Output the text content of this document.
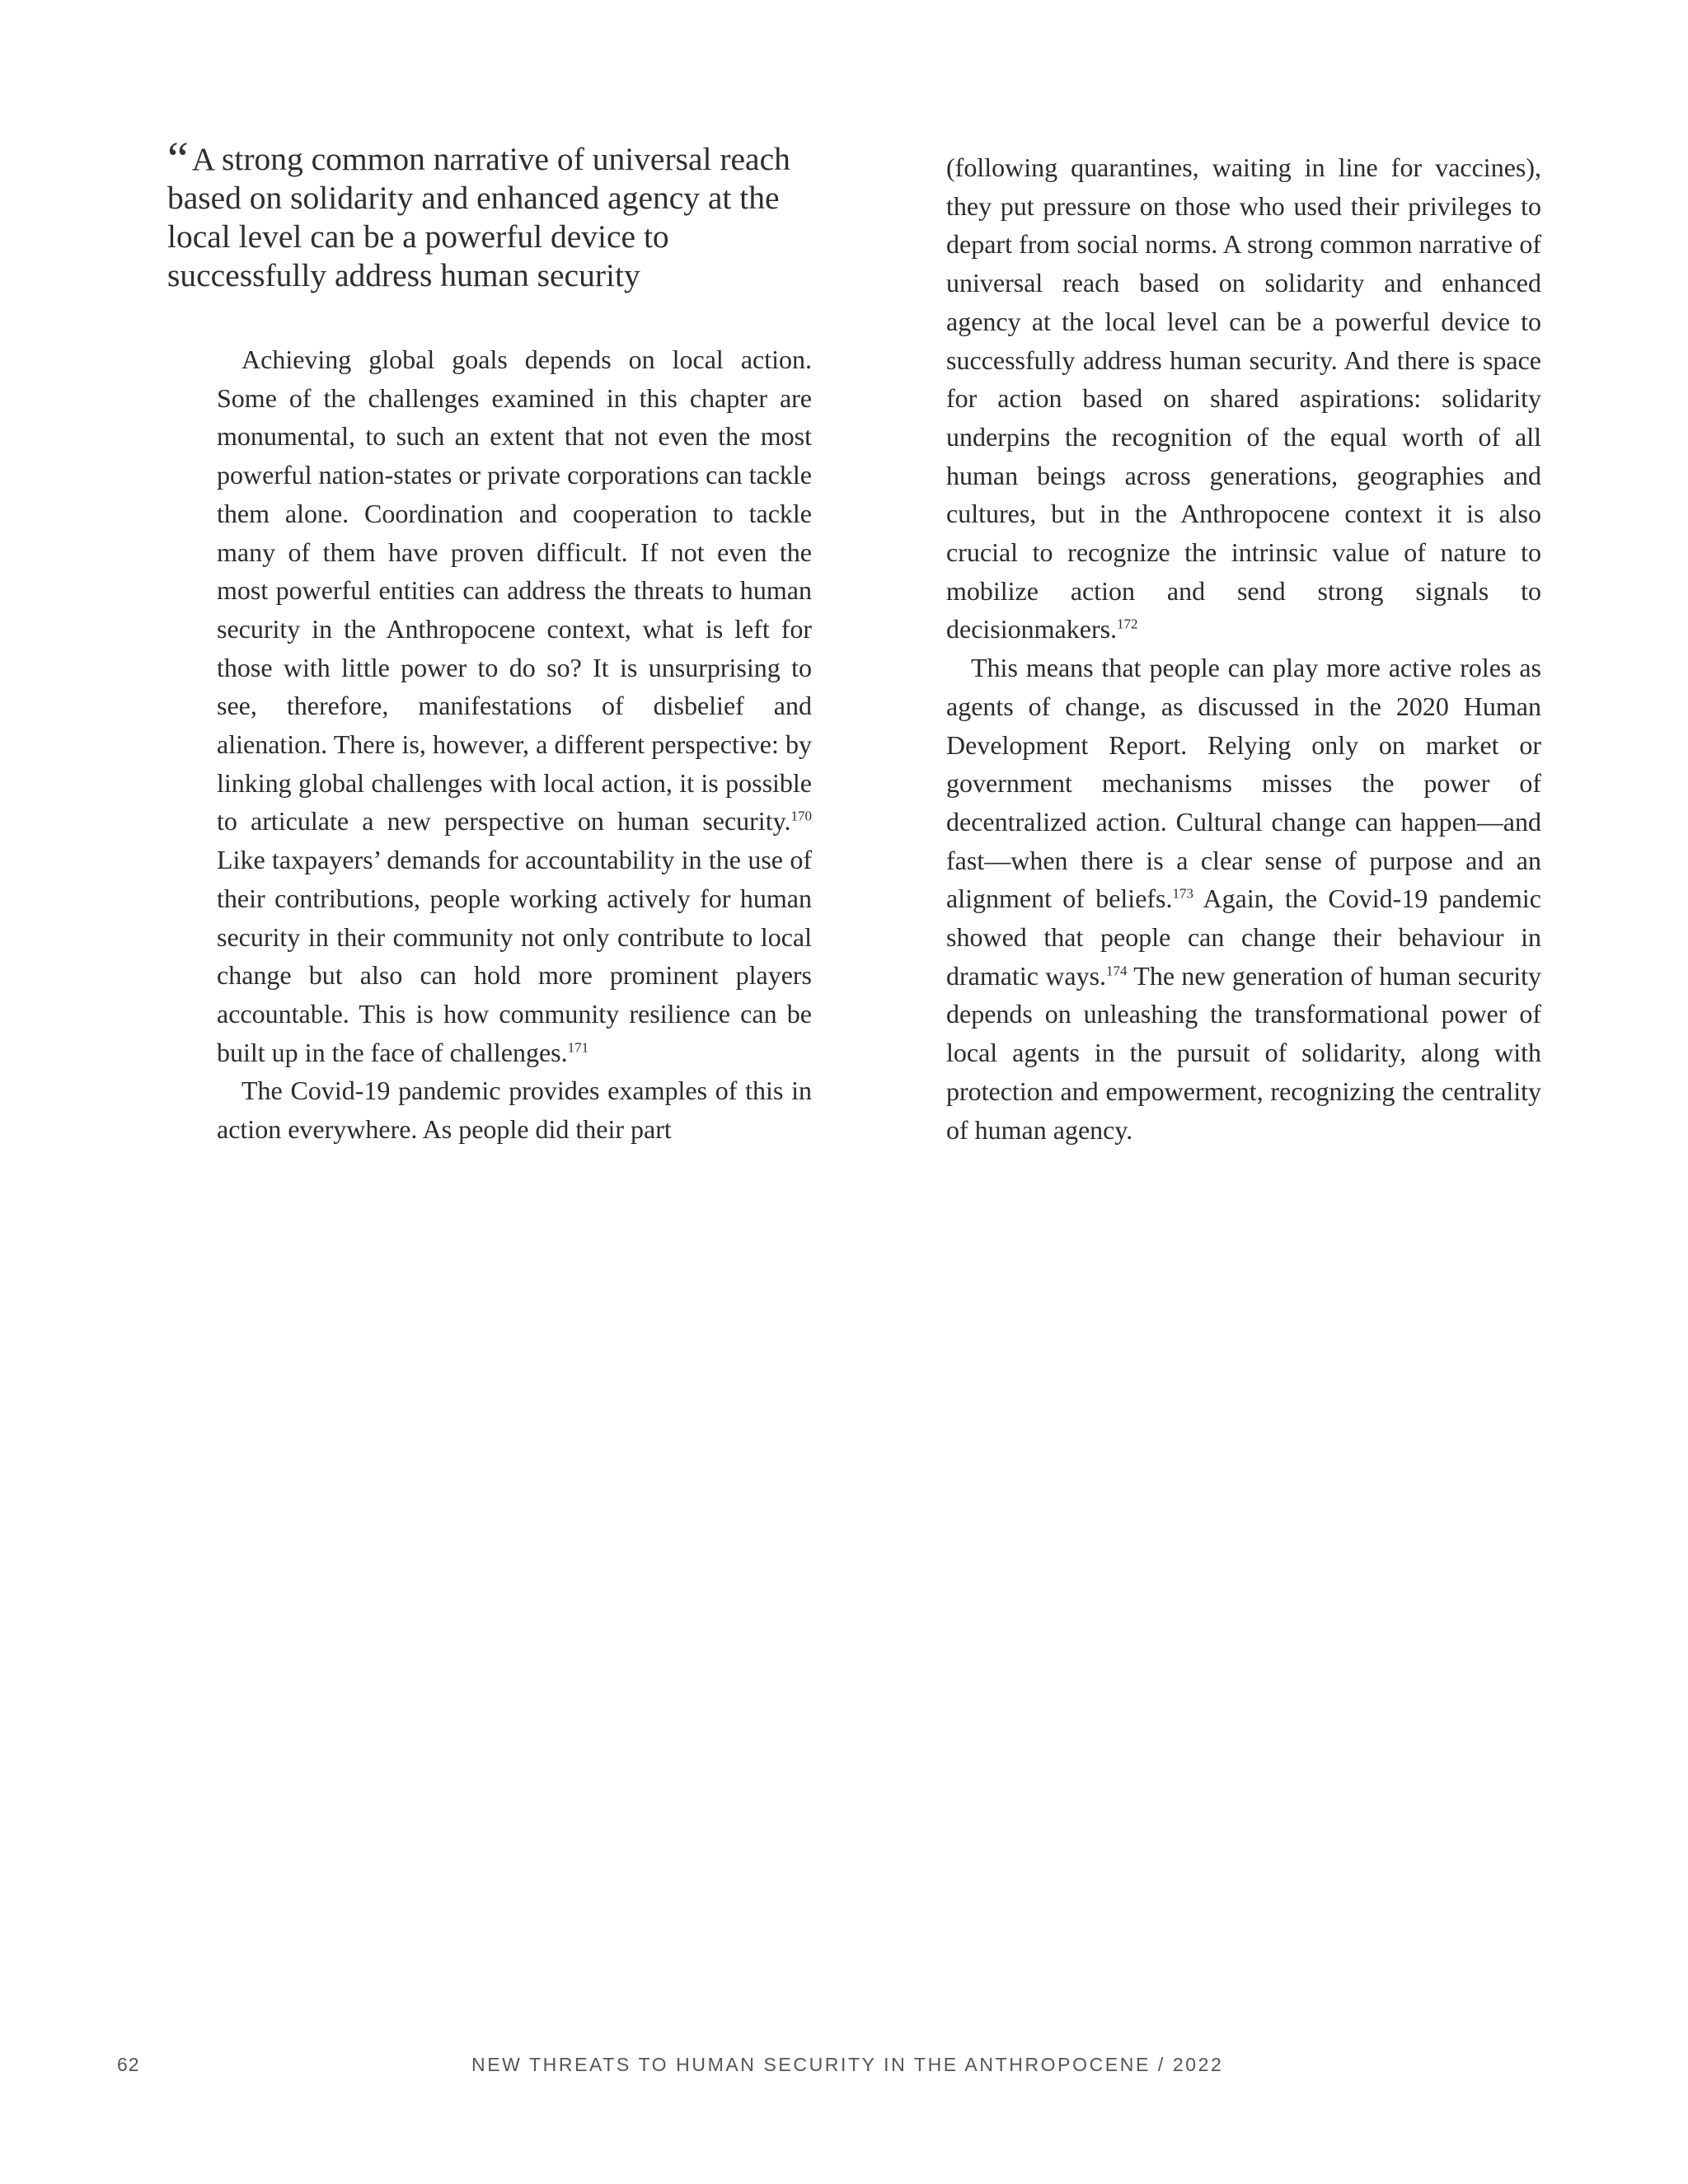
“ A strong common narrative of universal reach based on solidarity and enhanced agency at the local level can be a powerful device to successfully address human security

Achieving global goals depends on local action. Some of the challenges examined in this chapter are monumental, to such an extent that not even the most powerful nation-states or private corporations can tackle them alone. Coordination and cooperation to tackle many of them have proven difficult. If not even the most powerful entities can address the threats to human security in the Anthropocene context, what is left for those with little power to do so? It is unsurprising to see, therefore, manifestations of disbelief and alienation. There is, however, a different perspective: by linking global challenges with local action, it is possible to articulate a new perspective on human security.$^{170}$ Like taxpayers’ demands for accountability in the use of their contributions, people working actively for human security in their community not only contribute to local change but also can hold more prominent players accountable. This is how community resilience can be built up in the face of challenges.$^{171}$

The Covid-19 pandemic provides examples of this in action everywhere. As people did their part

(following quarantines, waiting in line for vaccines), they put pressure on those who used their privileges to depart from social norms. A strong common narrative of universal reach based on solidarity and enhanced agency at the local level can be a powerful device to successfully address human security. And there is space for action based on shared aspirations: solidarity underpins the recognition of the equal worth of all human beings across generations, geographies and cultures, but in the Anthropocene context it is also crucial to recognize the intrinsic value of nature to mobilize action and send strong signals to decisionmakers.$^{172}$

This means that people can play more active roles as agents of change, as discussed in the 2020 Human Development Report. Relying only on market or government mechanisms misses the power of decentralized action. Cultural change can happen—and fast—when there is a clear sense of purpose and an alignment of beliefs.$^{173}$ Again, the Covid-19 pandemic showed that people can change their behaviour in dramatic ways.$^{174}$ The new generation of human security depends on unleashing the transformational power of local agents in the pursuit of solidarity, along with protection and empowerment, recognizing the centrality of human agency.

62	NEW THREATS TO HUMAN SECURITY IN THE ANTHROPOCENE / 2022
